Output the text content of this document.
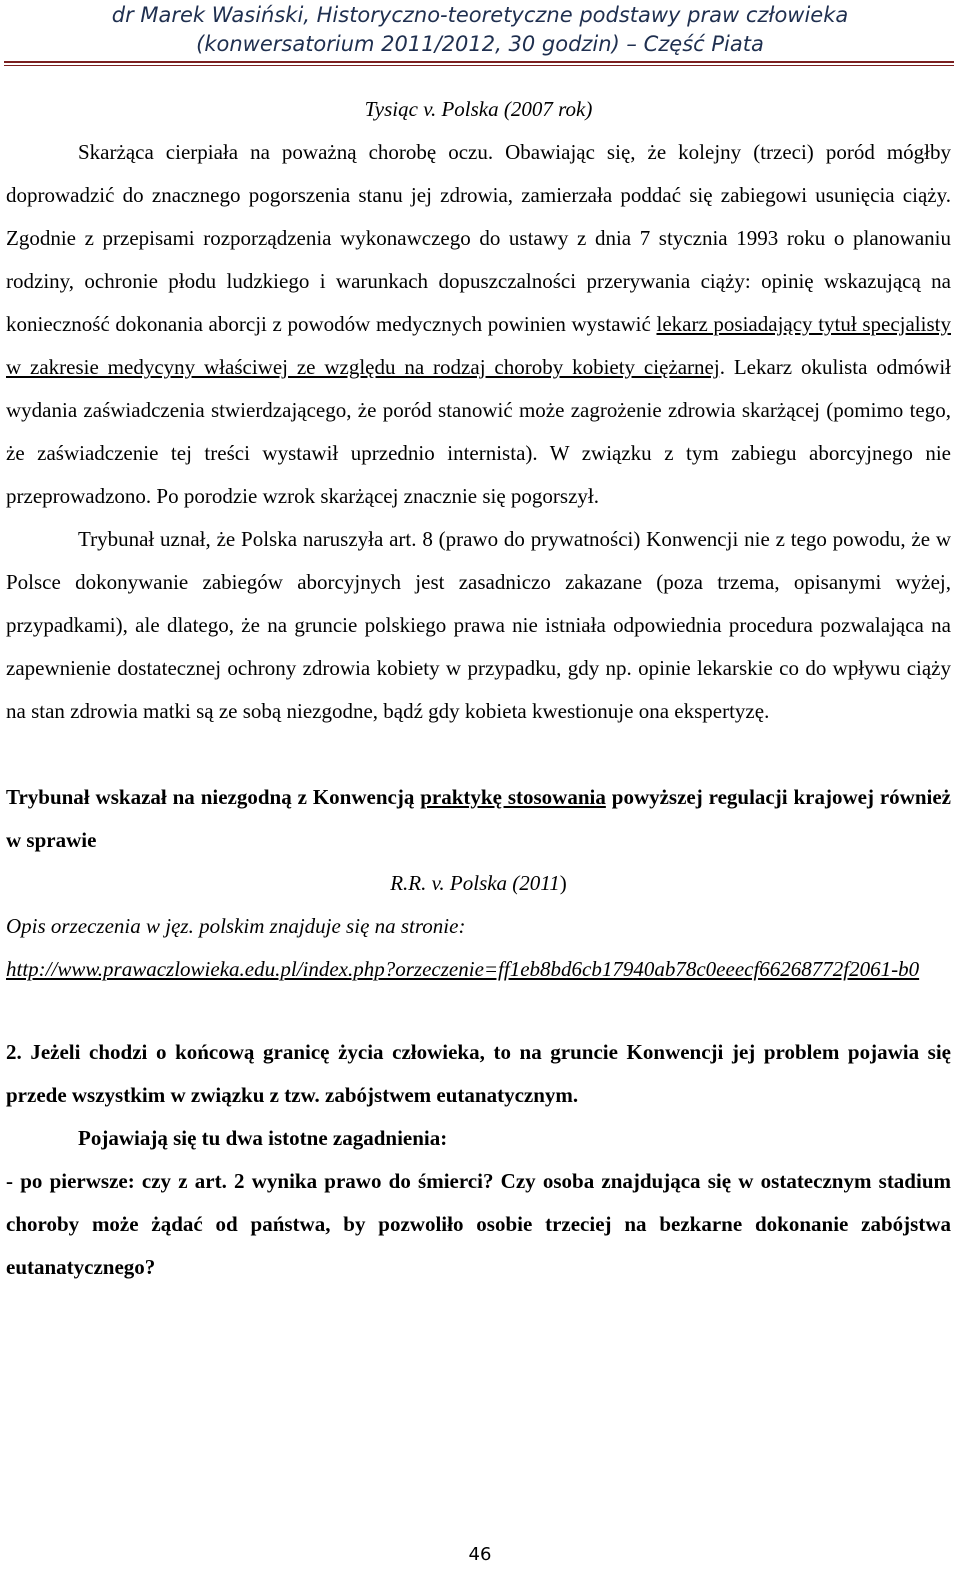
dr Marek Wasiński, Historyczno-teoretyczne podstawy praw człowieka
(konwersatorium 2011/2012, 30 godzin) – Część Piata

Tysiąc v. Polska (2007 rok)

Skarżąca cierpiała na poważną chorobę oczu. Obawiając się, że kolejny (trzeci) poród mógłby doprowadzić do znacznego pogorszenia stanu jej zdrowia, zamierzała poddać się zabiegowi usunięcia ciąży. Zgodnie z przepisami rozporządzenia wykonawczego do ustawy z dnia 7 stycznia 1993 roku o planowaniu rodziny, ochronie płodu ludzkiego i warunkach dopuszczalności przerywania ciąży: opinię wskazującą na konieczność dokonania aborcji z powodów medycznych powinien wystawić lekarz posiadający tytuł specjalisty w zakresie medycyny właściwej ze względu na rodzaj choroby kobiety ciężarnej. Lekarz okulista odmówił wydania zaświadczenia stwierdzającego, że poród stanowić może zagrożenie zdrowia skarżącej (pomimo tego, że zaświadczenie tej treści wystawił uprzednio internista). W związku z tym zabiegu aborcyjnego nie przeprowadzono. Po porodzie wzrok skarżącej znacznie się pogorszył.

Trybunał uznał, że Polska naruszyła art. 8 (prawo do prywatności) Konwencji nie z tego powodu, że w Polsce dokonywanie zabiegów aborcyjnych jest zasadniczo zakazane (poza trzema, opisanymi wyżej, przypadkami), ale dlatego, że na gruncie polskiego prawa nie istniała odpowiednia procedura pozwalająca na zapewnienie dostatecznej ochrony zdrowia kobiety w przypadku, gdy np. opinie lekarskie co do wpływu ciąży na stan zdrowia matki są ze sobą niezgodne, bądź gdy kobieta kwestionuje ona ekspertyzę.

Trybunał wskazał na niezgodną z Konwencją praktykę stosowania powyższej regulacji krajowej również w sprawie

R.R. v. Polska (2011)

Opis orzeczenia w jęz. polskim znajduje się na stronie:

http://www.prawaczlowieka.edu.pl/index.php?orzeczenie=ff1eb8bd6cb17940ab78c0eeecf66268772f2061-b0

2. Jeżeli chodzi o końcową granicę życia człowieka, to na gruncie Konwencji jej problem pojawia się przede wszystkim w związku z tzw. zabójstwem eutanatycznym.

Pojawiają się tu dwa istotne zagadnienia:

- po pierwsze: czy z art. 2 wynika prawo do śmierci? Czy osoba znajdująca się w ostatecznym stadium choroby może żądać od państwa, by pozwoliło osobie trzeciej na bezkarne dokonanie zabójstwa eutanatycznego?

46
